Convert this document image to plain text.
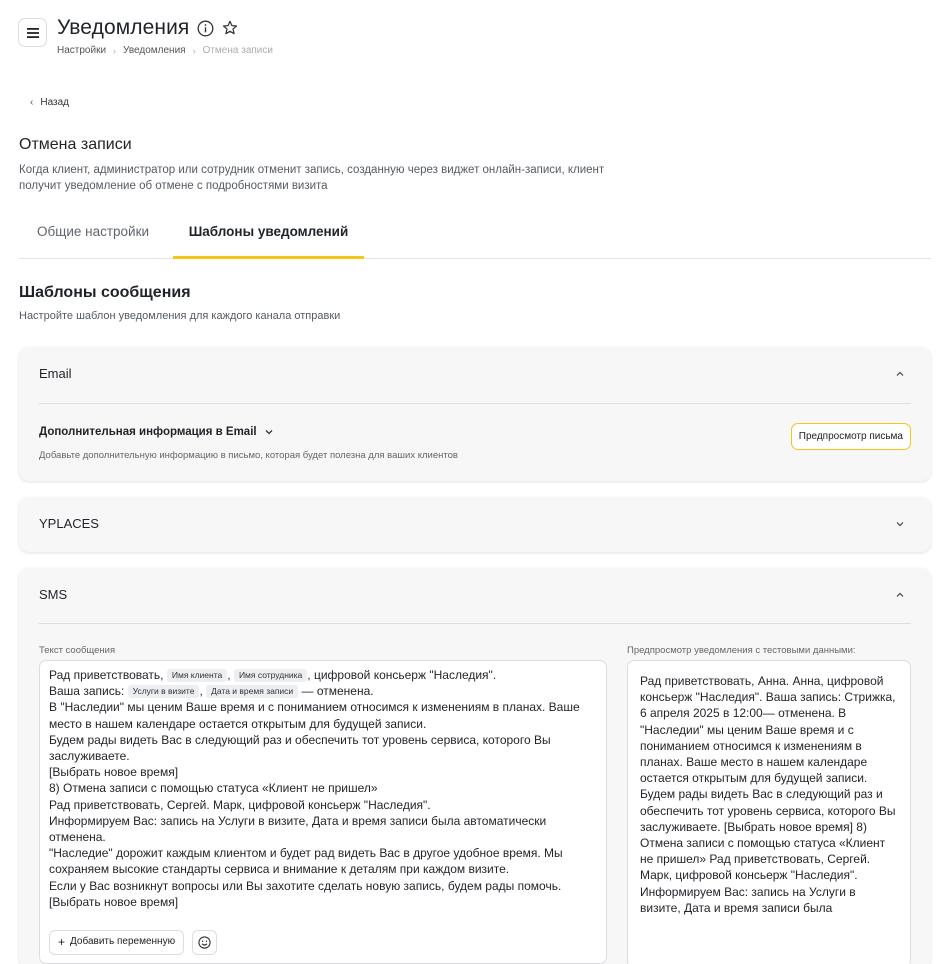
Уведомления
Настройки › Уведомления › Отмена записи
‹ Назад
Отмена записи
Когда клиент, администратор или сотрудник отменит запись, созданную через виджет онлайн-записи, клиент получит уведомление об отмене с подробностями визита
Общие настройки	Шаблоны уведомлений
Шаблоны сообщения
Настройте шаблон уведомления для каждого канала отправки
Email
Дополнительная информация в Email
Добавьте дополнительную информацию в письмо, которая будет полезна для ваших клиентов
Предпросмотр письма
YPLACES
SMS
Текст сообщения	Предпросмотр уведомления с тестовыми данными:
Рад приветствовать, Имя клиента , Имя сотрудника , цифровой консьерж "Наследия".
Ваша запись: Услуги в визите , Дата и время записи — отменена.
В "Наследии" мы ценим Ваше время и с пониманием относимся к изменениям в планах. Ваше место в нашем календаре остается открытым для будущей записи.
Будем рады видеть Вас в следующий раз и обеспечить тот уровень сервиса, которого Вы заслуживаете.
[Выбрать новое время]
8) Отмена записи с помощью статуса «Клиент не пришел»
Рад приветствовать, Сергей. Марк, цифровой консьерж "Наследия".
Информируем Вас: запись на Услуги в визите, Дата и время записи была автоматически отменена.
"Наследие" дорожит каждым клиентом и будет рад видеть Вас в другое удобное время. Мы сохраняем высокие стандарты сервиса и внимание к деталям при каждом визите.
Если у Вас возникнут вопросы или Вы захотите сделать новую запись, будем рады помочь.
[Выбрать новое время]
+ Добавить переменную
Рад приветствовать, Анна. Анна, цифровой консьерж "Наследия". Ваша запись: Стрижка, 6 апреля 2025 в 12:00— отменена. В "Наследии" мы ценим Ваше время и с пониманием относимся к изменениям в планах. Ваше место в нашем календаре остается открытым для будущей записи. Будем рады видеть Вас в следующий раз и обеспечить тот уровень сервиса, которого Вы заслуживаете. [Выбрать новое время] 8) Отмена записи с помощью статуса «Клиент не пришел» Рад приветствовать, Сергей. Марк, цифровой консьерж "Наследия". Информируем Вас: запись на Услуги в визите, Дата и время записи была
